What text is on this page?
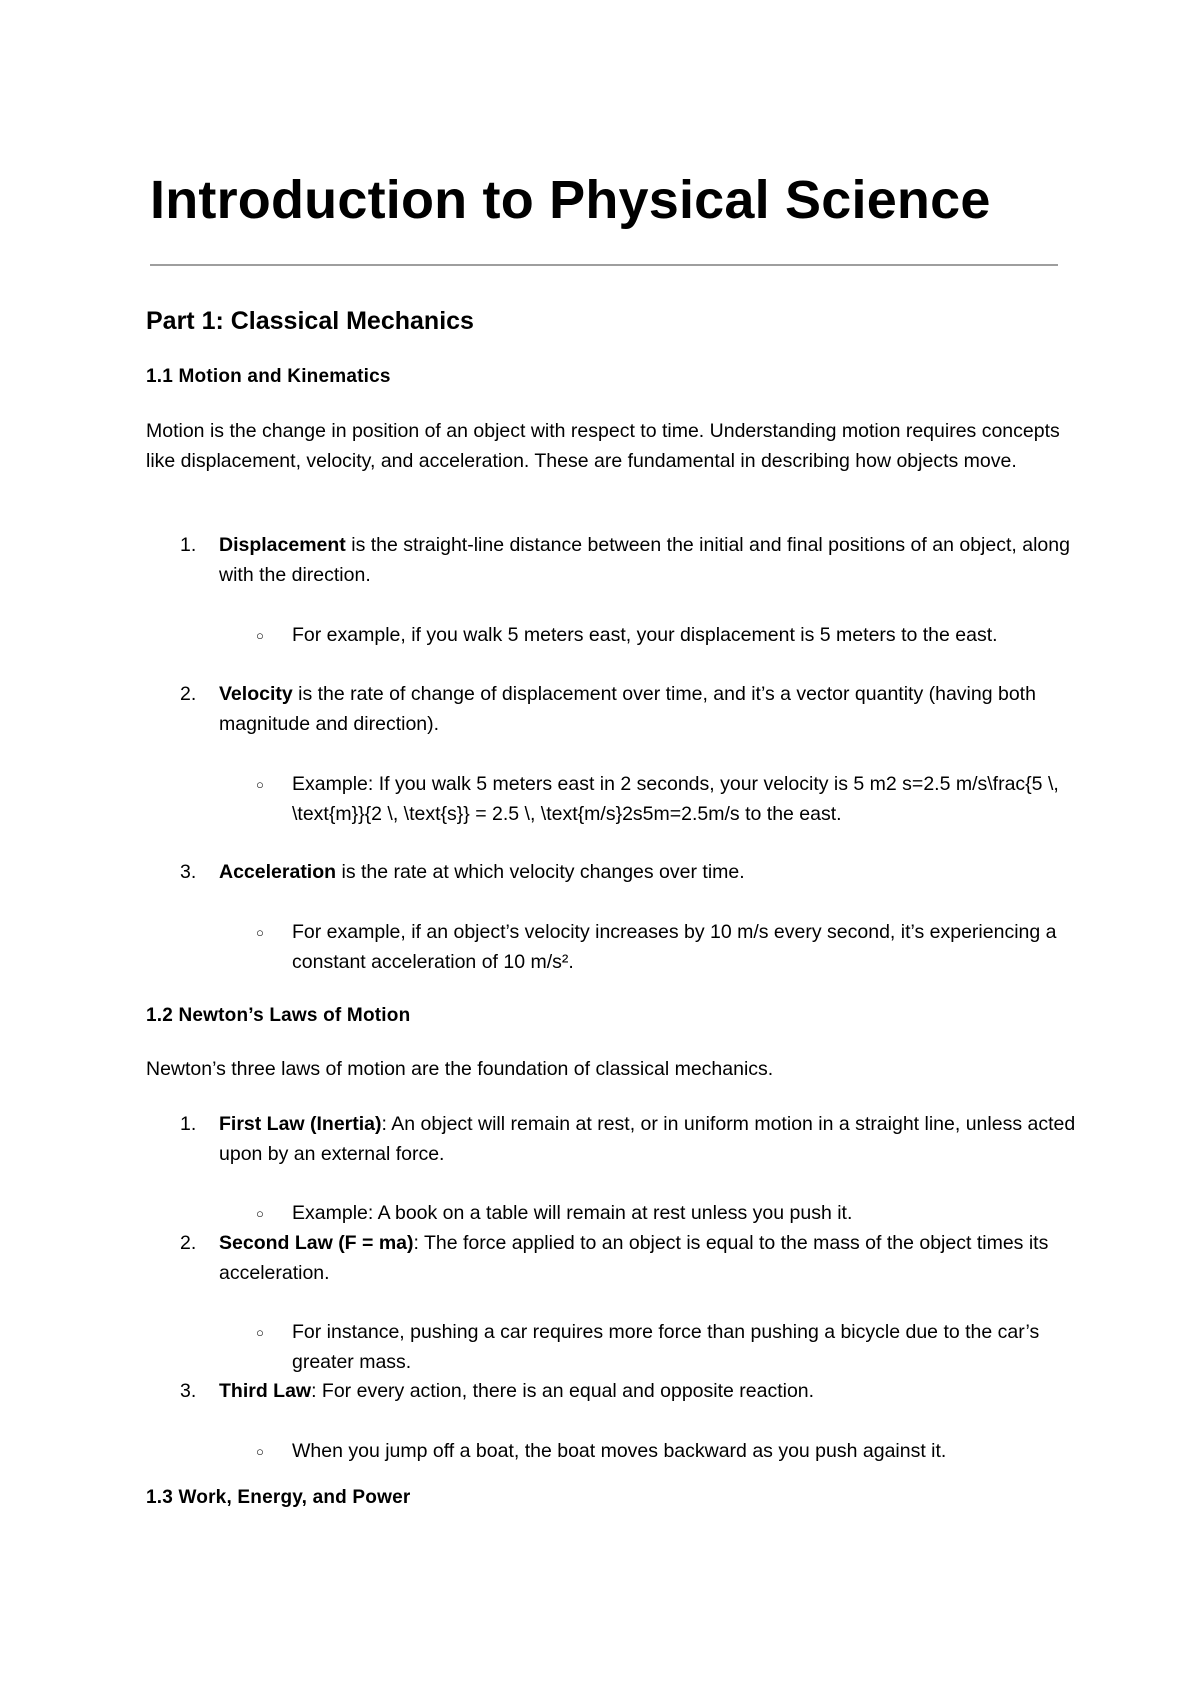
Introduction to Physical Science
Part 1: Classical Mechanics
1.1 Motion and Kinematics

Motion is the change in position of an object with respect to time. Understanding motion requires concepts like displacement, velocity, and acceleration. These are fundamental in describing how objects move.

1.	Displacement is the straight-line distance between the initial and final positions of an object, along with the direction.

○ For example, if you walk 5 meters east, your displacement is 5 meters to the east.

2.	Velocity is the rate of change of displacement over time, and it’s a vector quantity (having both magnitude and direction).

○ Example: If you walk 5 meters east in 2 seconds, your velocity is 5 m2 s=2.5 m/s\frac{5 \, \text{m}}{2 \, \text{s}} = 2.5 \, \text{m/s}2s5m=2.5m/s to the east.

3.	Acceleration is the rate at which velocity changes over time.

○ For example, if an object’s velocity increases by 10 m/s every second, it’s experiencing a constant acceleration of 10 m/s².

1.2 Newton’s Laws of Motion

Newton’s three laws of motion are the foundation of classical mechanics.

1.	First Law (Inertia): An object will remain at rest, or in uniform motion in a straight line, unless acted upon by an external force.

○ Example: A book on a table will remain at rest unless you push it.

2.	Second Law (F = ma): The force applied to an object is equal to the mass of the object times its acceleration.

○ For instance, pushing a car requires more force than pushing a bicycle due to the car’s greater mass.

3.	Third Law: For every action, there is an equal and opposite reaction.

○ When you jump off a boat, the boat moves backward as you push against it.

1.3 Work, Energy, and Power
